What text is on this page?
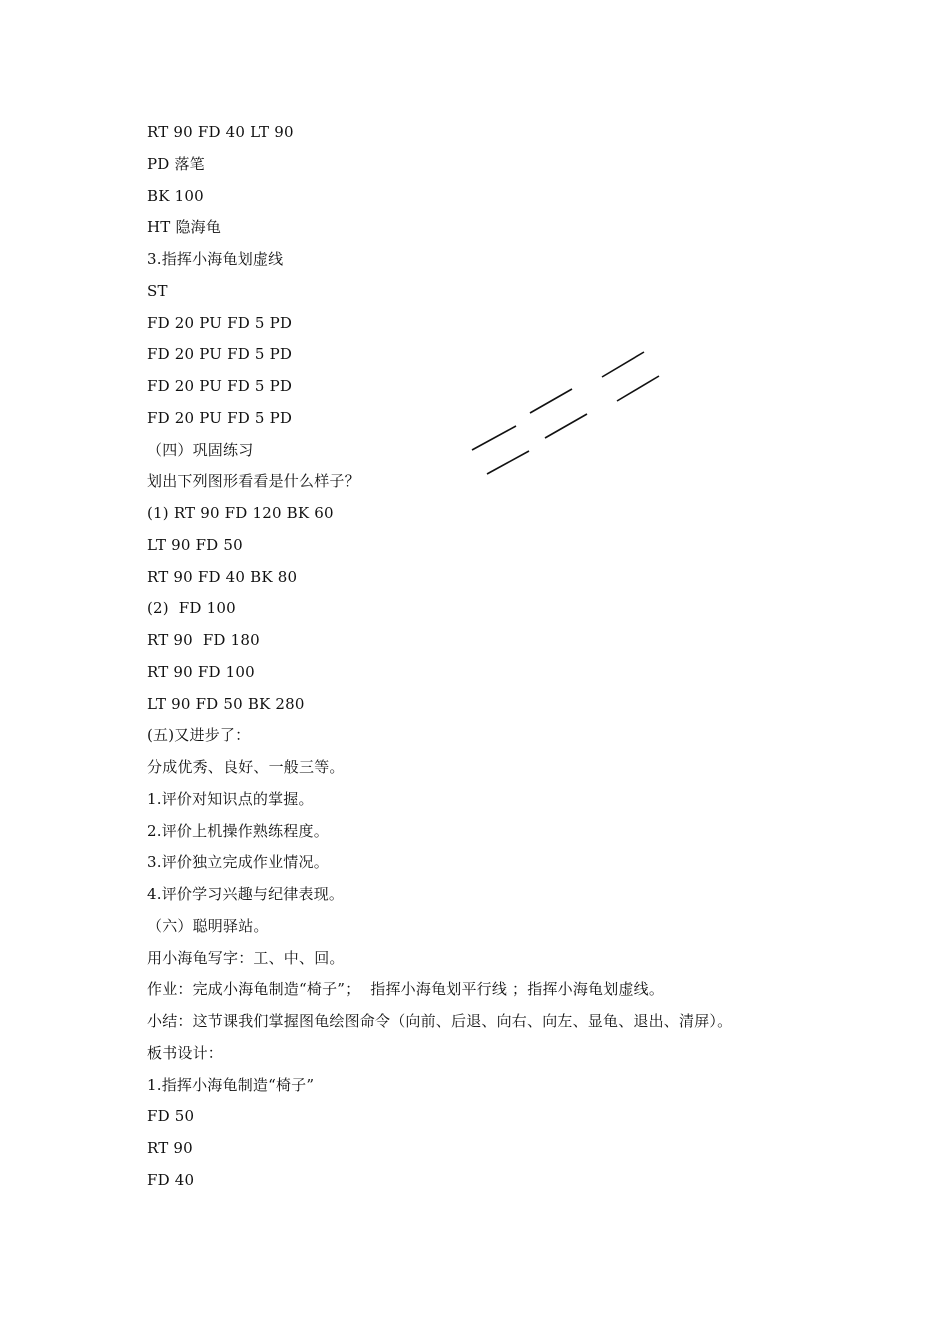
RT 90 FD 40 LT 90
PD 落笔
BK 100
HT 隐海龟
3.指挥小海龟划虚线
ST
FD 20 PU FD 5 PD
FD 20 PU FD 5 PD
FD 20 PU FD 5 PD
FD 20 PU FD 5 PD
（四）巩固练习
划出下列图形看看是什么样子？
(1) RT 90 FD 120 BK 60
LT 90 FD 50
RT 90 FD 40 BK 80
(2)  FD 100
RT 90  FD 180
RT 90 FD 100
LT 90 FD 50 BK 280
(五)又进步了：
分成优秀、良好、一般三等。
1.评价对知识点的掌握。
2.评价上机操作熟练程度。
3.评价独立完成作业情况。
4.评价学习兴趣与纪律表现。
（六）聪明驿站。
用小海龟写字：工、中、回。
作业：完成小海龟制造“椅子”；  指挥小海龟划平行线 ；指挥小海龟划虚线。
小结：这节课我们掌握图龟绘图命令（向前、后退、向右、向左、显龟、退出、清屏）。
板书设计：
1.指挥小海龟制造“椅子”
FD 50
RT 90
FD 40
